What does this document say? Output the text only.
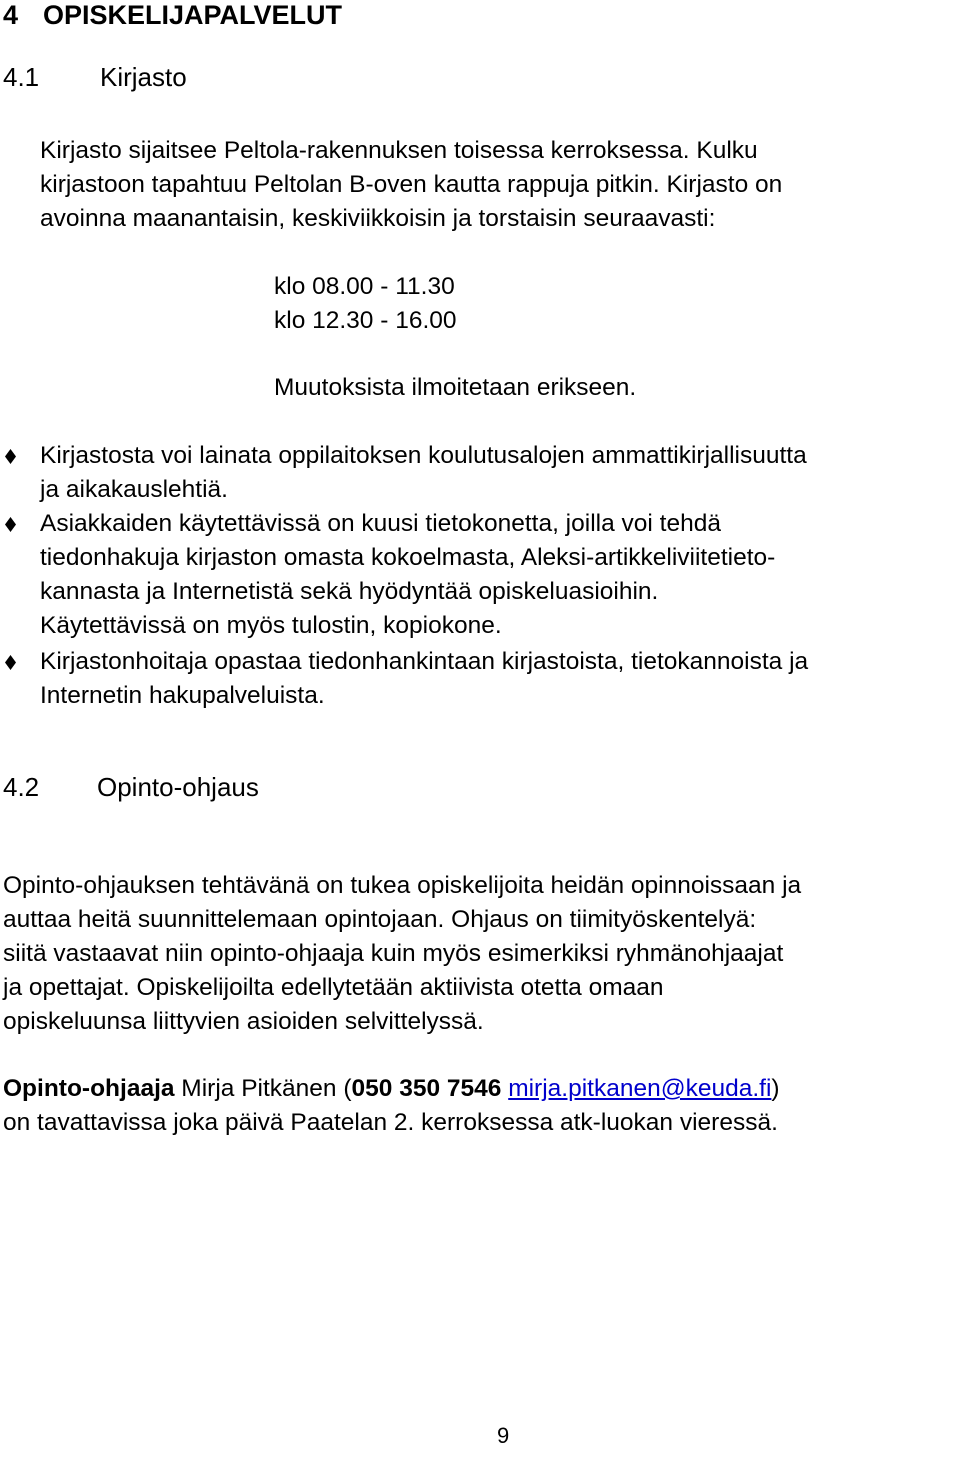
4 OPISKELIJAPALVELUT
4.1 Kirjasto
Kirjasto sijaitsee Peltola-rakennuksen toisessa kerroksessa. Kulku
kirjastoon tapahtuu Peltolan B-oven kautta rappuja pitkin. Kirjasto on
avoinna maanantaisin, keskiviikkoisin ja torstaisin seuraavasti:
klo 08.00 - 11.30
klo 12.30 - 16.00
Muutoksista ilmoitetaan erikseen.
Kirjastosta voi lainata oppilaitoksen koulutusalojen ammattikirjallisuutta
ja aikakauslehtiä.
Asiakkaiden käytettävissä on kuusi tietokonetta, joilla voi tehdä
tiedonhakuja kirjaston omasta kokoelmasta, Aleksi-artikkeliviitetieto-
kannasta ja Internetistä sekä hyödyntää opiskeluasioihin.
Käytettävissä on myös tulostin, kopiokone.
Kirjastonhoitaja opastaa tiedonhankintaan kirjastoista, tietokannoista ja
Internetin hakupalveluista.
4.2 Opinto-ohjaus
Opinto-ohjauksen tehtävänä on tukea opiskelijoita heidän opinnoissaan ja
auttaa heitä suunnittelemaan opintojaan. Ohjaus on tiimityöskentelyä:
siitä vastaavat niin opinto-ohjaaja kuin myös esimerkiksi ryhmänohjaajat
ja opettajat. Opiskelijoilta edellytetään aktiivista otetta omaan
opiskeluunsa liittyvien asioiden selvittelyssä.
Opinto-ohjaaja Mirja Pitkänen (050 350 7546 mirja.pitkanen@keuda.fi)
on tavattavissa joka päivä Paatelan 2. kerroksessa atk-luokan vieressä.
9
